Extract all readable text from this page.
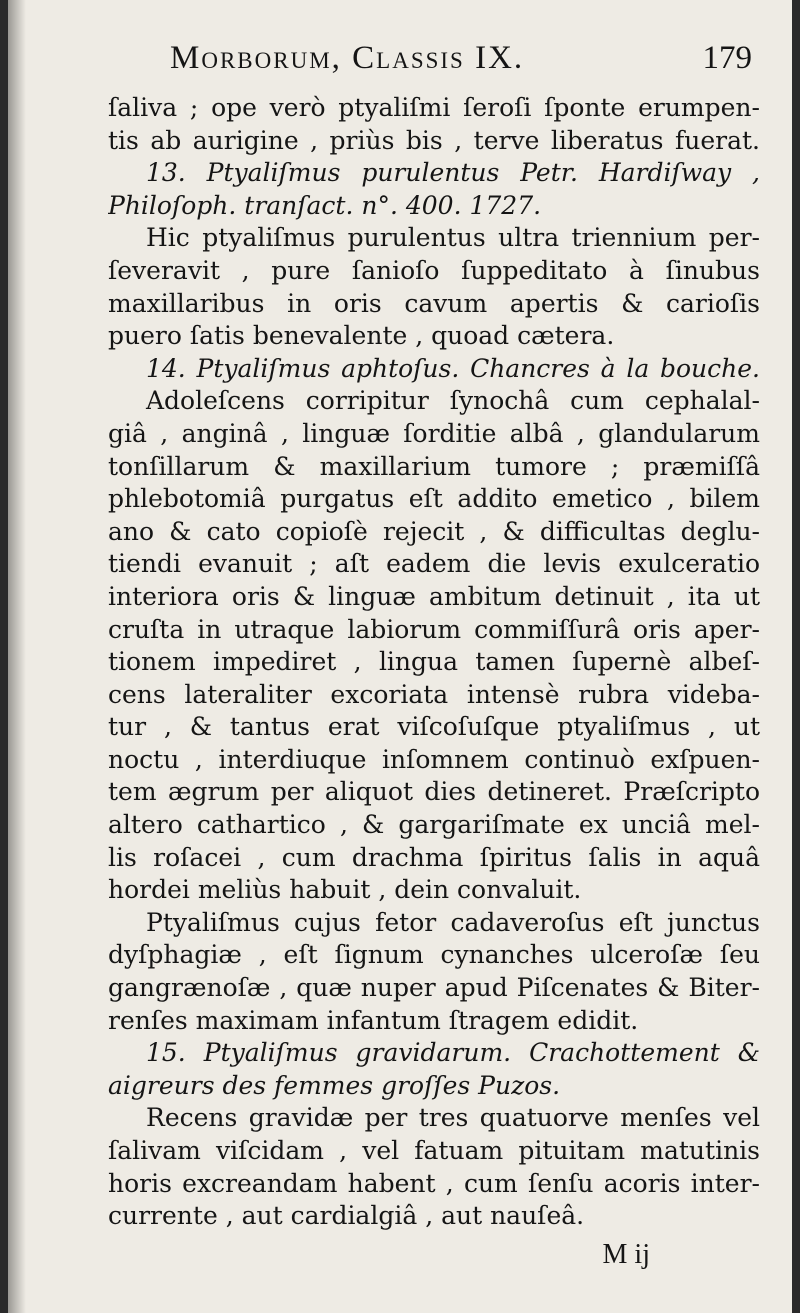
Morborum, Classis IX.	179
ſaliva ; ope verò ptyaliſmi ſeroſi ſponte erumpen-
tis ab aurigine , priùs bis , terve liberatus fuerat.
13. Ptyaliſmus purulentus Petr. Hardiſway ,
Philoſoph. tranſact. n°. 400. 1727.
Hic ptyaliſmus purulentus ultra triennium per-
ſeveravit , pure ſanioſo ſuppeditato à ſinubus
maxillaribus in oris cavum apertis & carioſis
puero ſatis benevalente , quoad cætera.
14. Ptyaliſmus aphtoſus. Chancres à la bouche.
Adoleſcens corripitur ſynochâ cum cephalal-
giâ , anginâ , linguæ ſorditie albâ , glandularum
tonſillarum & maxillarium tumore ; præmiſſâ
phlebotomiâ purgatus eſt addito emetico , bilem
ano & cato copioſè rejecit , & difficultas deglu-
tiendi evanuit ; aſt eadem die levis exulceratio
interiora oris & linguæ ambitum detinuit , ita ut
cruſta in utraque labiorum commiſſurâ oris aper-
tionem impediret , lingua tamen ſupernè albeſ-
cens lateraliter excoriata intensè rubra videba-
tur , & tantus erat viſcoſuſque ptyaliſmus , ut
noctu , interdiuque inſomnem continuò exſpuen-
tem ægrum per aliquot dies detineret. Præſcripto
altero cathartico , & gargariſmate ex unciâ mel-
lis roſacei , cum drachma ſpiritus ſalis in aquâ
hordei meliùs habuit , dein convaluit.
Ptyaliſmus cujus fetor cadaveroſus eſt junctus
dyſphagiæ , eſt ſignum cynanches ulceroſæ ſeu
gangrænoſæ , quæ nuper apud Piſcenates & Biter-
renſes maximam infantum ſtragem edidit.
15. Ptyaliſmus gravidarum. Crachottement &
aigreurs des femmes groſſes Puzos.
Recens gravidæ per tres quatuorve menſes vel
ſalivam viſcidam , vel fatuam pituitam matutinis
horis excreandam habent , cum ſenſu acoris inter-
currente , aut cardialgiâ , aut nauſeâ.
M ij
